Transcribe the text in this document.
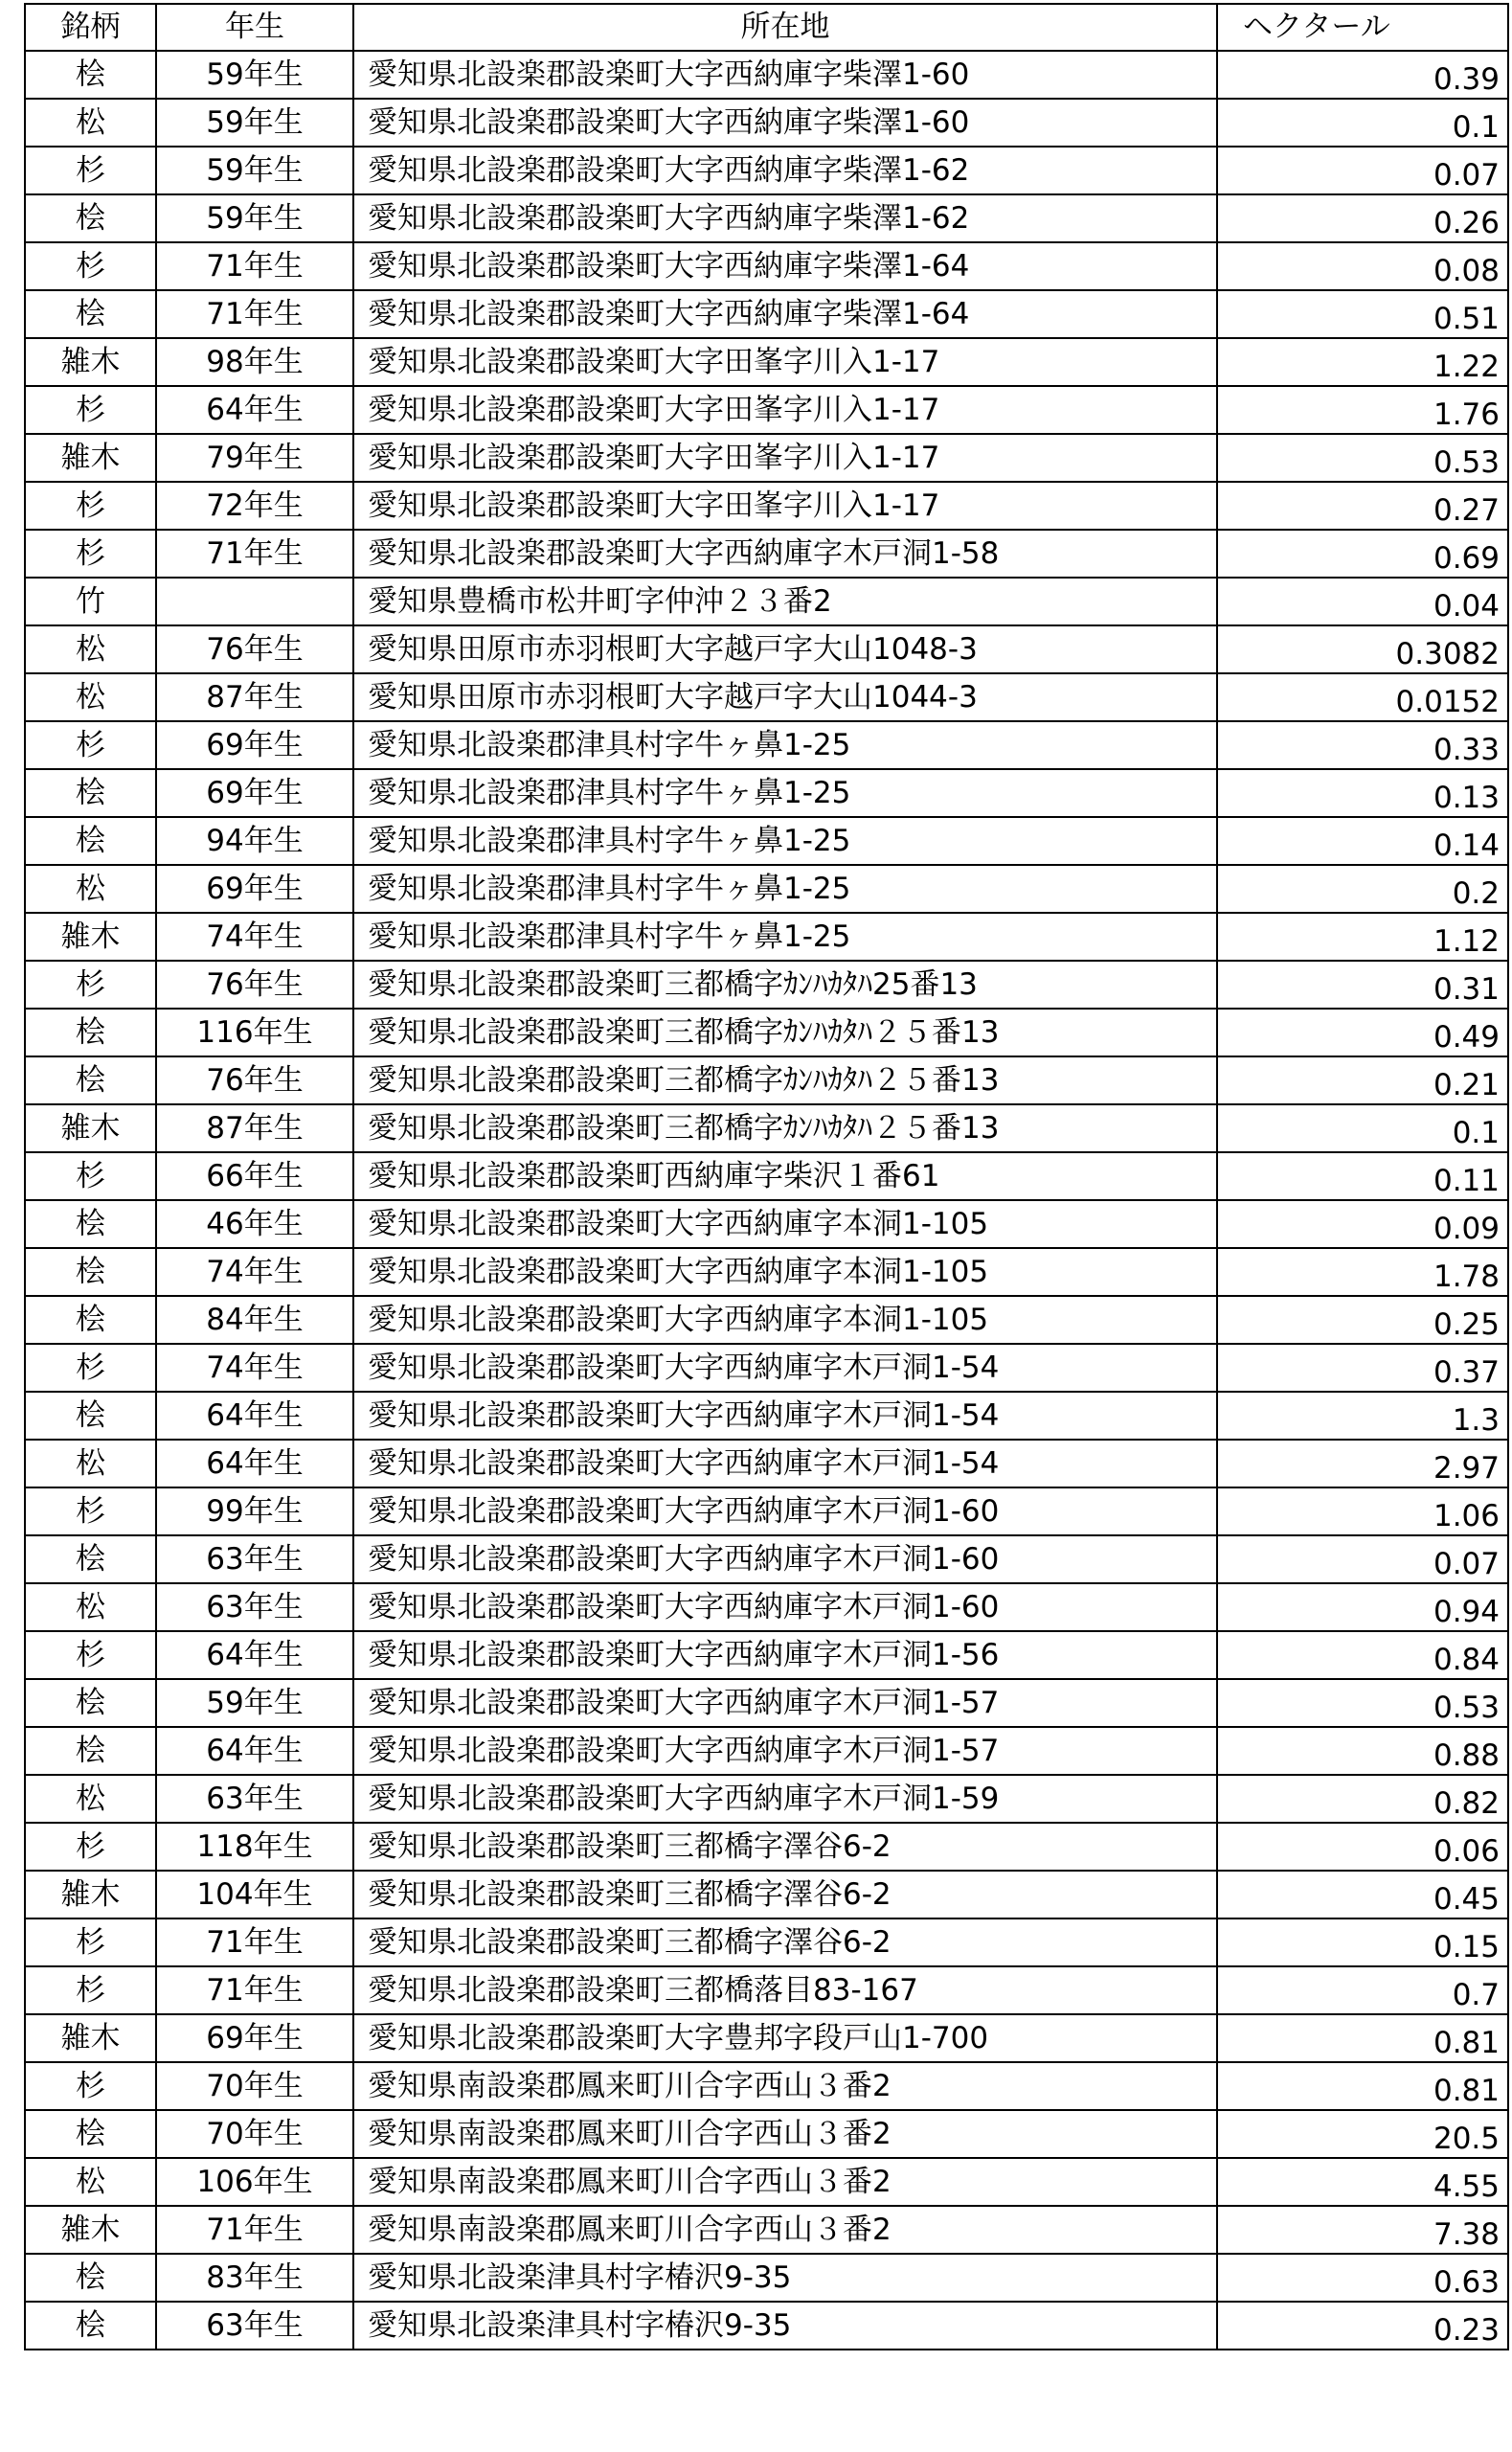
銘柄	年生	所在地	ヘクタール
桧	59年生	愛知県北設楽郡設楽町大字西納庫字柴澤1-60	0.39
松	59年生	愛知県北設楽郡設楽町大字西納庫字柴澤1-60	0.1
杉	59年生	愛知県北設楽郡設楽町大字西納庫字柴澤1-62	0.07
桧	59年生	愛知県北設楽郡設楽町大字西納庫字柴澤1-62	0.26
杉	71年生	愛知県北設楽郡設楽町大字西納庫字柴澤1-64	0.08
桧	71年生	愛知県北設楽郡設楽町大字西納庫字柴澤1-64	0.51
雑木	98年生	愛知県北設楽郡設楽町大字田峯字川入1-17	1.22
杉	64年生	愛知県北設楽郡設楽町大字田峯字川入1-17	1.76
雑木	79年生	愛知県北設楽郡設楽町大字田峯字川入1-17	0.53
杉	72年生	愛知県北設楽郡設楽町大字田峯字川入1-17	0.27
杉	71年生	愛知県北設楽郡設楽町大字西納庫字木戸洞1-58	0.69
竹		愛知県豊橋市松井町字仲沖２３番2	0.04
松	76年生	愛知県田原市赤羽根町大字越戸字大山1048-3	0.3082
松	87年生	愛知県田原市赤羽根町大字越戸字大山1044-3	0.0152
杉	69年生	愛知県北設楽郡津具村字牛ヶ鼻1-25	0.33
桧	69年生	愛知県北設楽郡津具村字牛ヶ鼻1-25	0.13
桧	94年生	愛知県北設楽郡津具村字牛ヶ鼻1-25	0.14
松	69年生	愛知県北設楽郡津具村字牛ヶ鼻1-25	0.2
雑木	74年生	愛知県北設楽郡津具村字牛ヶ鼻1-25	1.12
杉	76年生	愛知県北設楽郡設楽町三都橋字ｶﾝﾊｶﾀﾊ25番13	0.31
桧	116年生	愛知県北設楽郡設楽町三都橋字ｶﾝﾊｶﾀﾊ２５番13	0.49
桧	76年生	愛知県北設楽郡設楽町三都橋字ｶﾝﾊｶﾀﾊ２５番13	0.21
雑木	87年生	愛知県北設楽郡設楽町三都橋字ｶﾝﾊｶﾀﾊ２５番13	0.1
杉	66年生	愛知県北設楽郡設楽町西納庫字柴沢１番61	0.11
桧	46年生	愛知県北設楽郡設楽町大字西納庫字本洞1-105	0.09
桧	74年生	愛知県北設楽郡設楽町大字西納庫字本洞1-105	1.78
桧	84年生	愛知県北設楽郡設楽町大字西納庫字本洞1-105	0.25
杉	74年生	愛知県北設楽郡設楽町大字西納庫字木戸洞1-54	0.37
桧	64年生	愛知県北設楽郡設楽町大字西納庫字木戸洞1-54	1.3
松	64年生	愛知県北設楽郡設楽町大字西納庫字木戸洞1-54	2.97
杉	99年生	愛知県北設楽郡設楽町大字西納庫字木戸洞1-60	1.06
桧	63年生	愛知県北設楽郡設楽町大字西納庫字木戸洞1-60	0.07
松	63年生	愛知県北設楽郡設楽町大字西納庫字木戸洞1-60	0.94
杉	64年生	愛知県北設楽郡設楽町大字西納庫字木戸洞1-56	0.84
桧	59年生	愛知県北設楽郡設楽町大字西納庫字木戸洞1-57	0.53
桧	64年生	愛知県北設楽郡設楽町大字西納庫字木戸洞1-57	0.88
松	63年生	愛知県北設楽郡設楽町大字西納庫字木戸洞1-59	0.82
杉	118年生	愛知県北設楽郡設楽町三都橋字澤谷6-2	0.06
雑木	104年生	愛知県北設楽郡設楽町三都橋字澤谷6-2	0.45
杉	71年生	愛知県北設楽郡設楽町三都橋字澤谷6-2	0.15
杉	71年生	愛知県北設楽郡設楽町三都橋落目83-167	0.7
雑木	69年生	愛知県北設楽郡設楽町大字豊邦字段戸山1-700	0.81
杉	70年生	愛知県南設楽郡鳳来町川合字西山３番2	0.81
桧	70年生	愛知県南設楽郡鳳来町川合字西山３番2	20.5
松	106年生	愛知県南設楽郡鳳来町川合字西山３番2	4.55
雑木	71年生	愛知県南設楽郡鳳来町川合字西山３番2	7.38
桧	83年生	愛知県北設楽津具村字椿沢9-35	0.63
桧	63年生	愛知県北設楽津具村字椿沢9-35	0.23
